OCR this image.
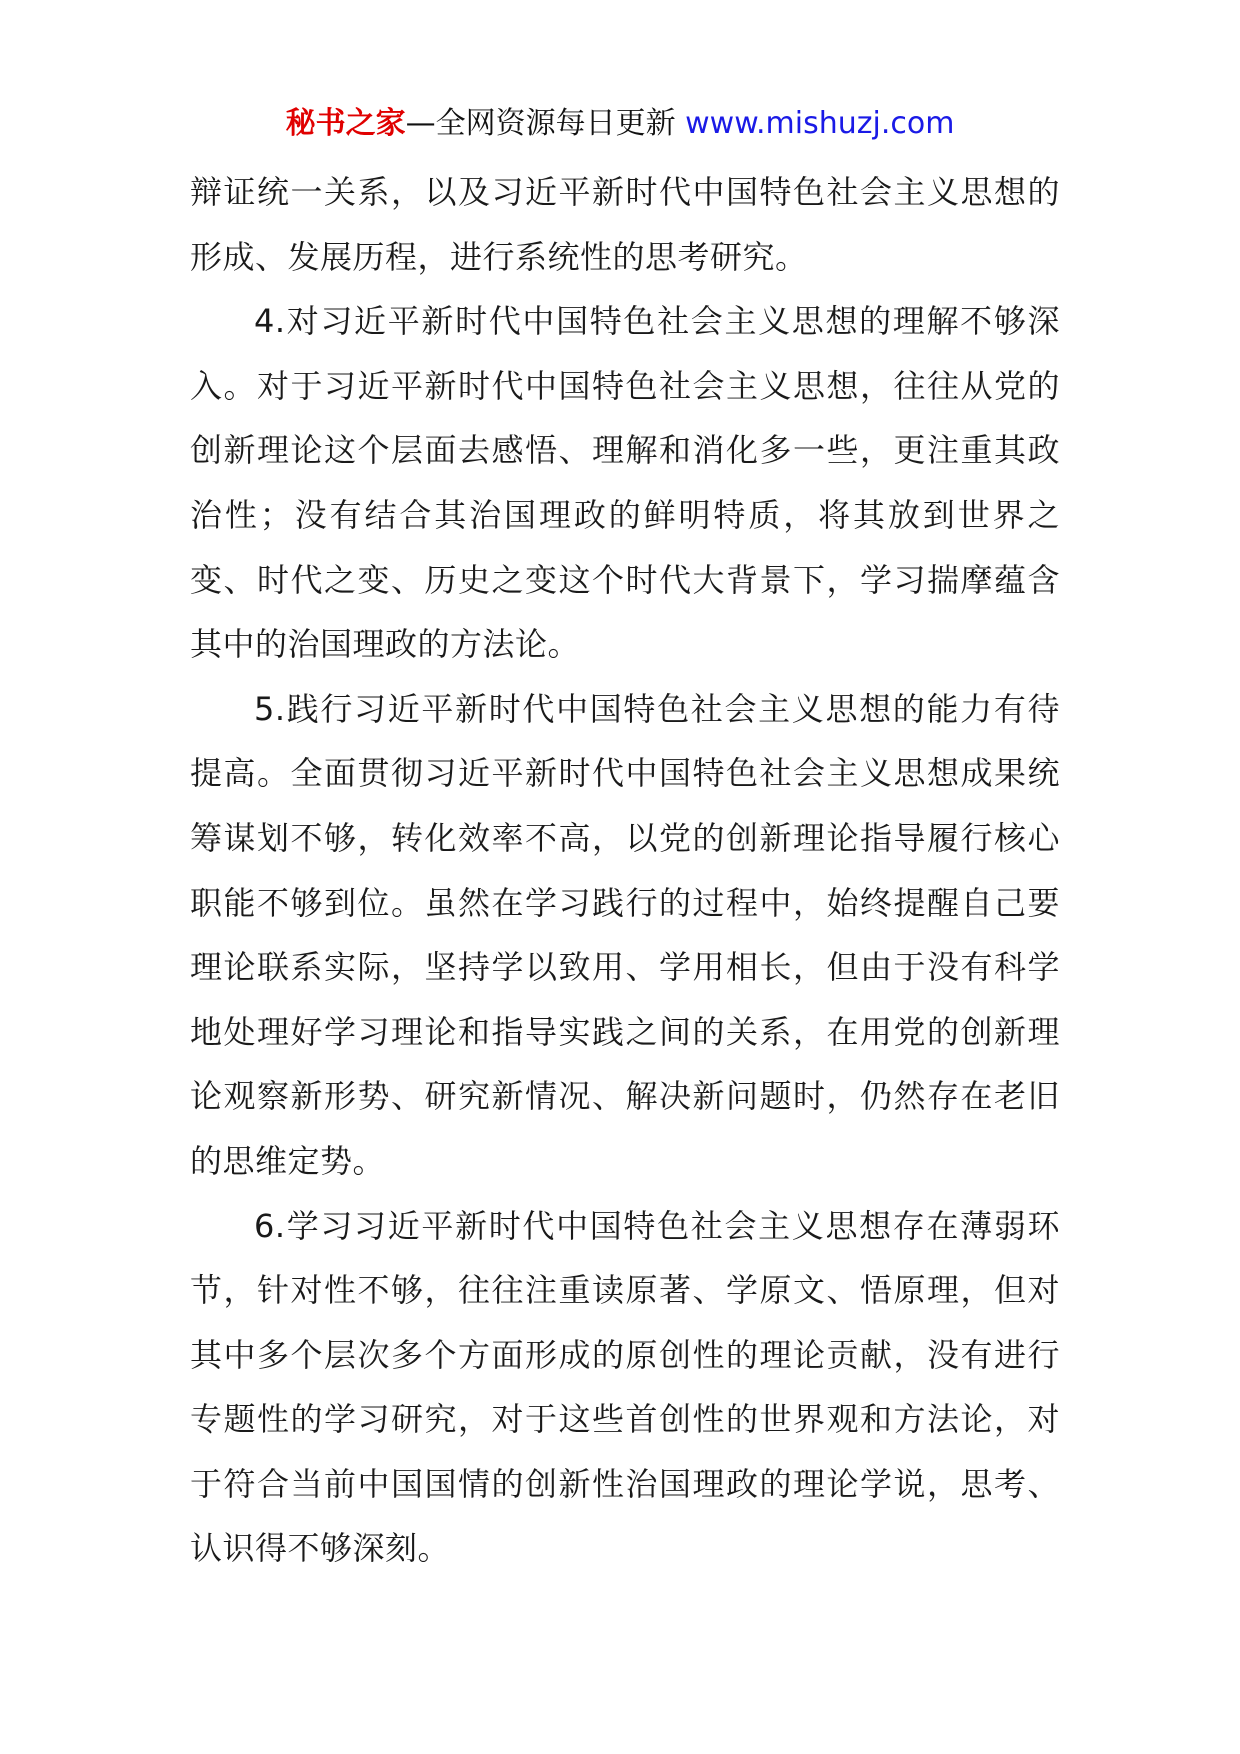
秘书之家—全网资源每日更新 www.mishuzj.com

辩证统一关系，以及习近平新时代中国特色社会主义思想的形成、发展历程，进行系统性的思考研究。

4.对习近平新时代中国特色社会主义思想的理解不够深入。对于习近平新时代中国特色社会主义思想，往往从党的创新理论这个层面去感悟、理解和消化多一些，更注重其政治性；没有结合其治国理政的鲜明特质，将其放到世界之变、时代之变、历史之变这个时代大背景下，学习揣摩蕴含其中的治国理政的方法论。

5.践行习近平新时代中国特色社会主义思想的能力有待提高。全面贯彻习近平新时代中国特色社会主义思想成果统筹谋划不够，转化效率不高，以党的创新理论指导履行核心职能不够到位。虽然在学习践行的过程中，始终提醒自己要理论联系实际，坚持学以致用、学用相长，但由于没有科学地处理好学习理论和指导实践之间的关系，在用党的创新理论观察新形势、研究新情况、解决新问题时，仍然存在老旧的思维定势。

6.学习习近平新时代中国特色社会主义思想存在薄弱环节，针对性不够，往往注重读原著、学原文、悟原理，但对其中多个层次多个方面形成的原创性的理论贡献，没有进行专题性的学习研究，对于这些首创性的世界观和方法论，对于符合当前中国国情的创新性治国理政的理论学说，思考、认识得不够深刻。
